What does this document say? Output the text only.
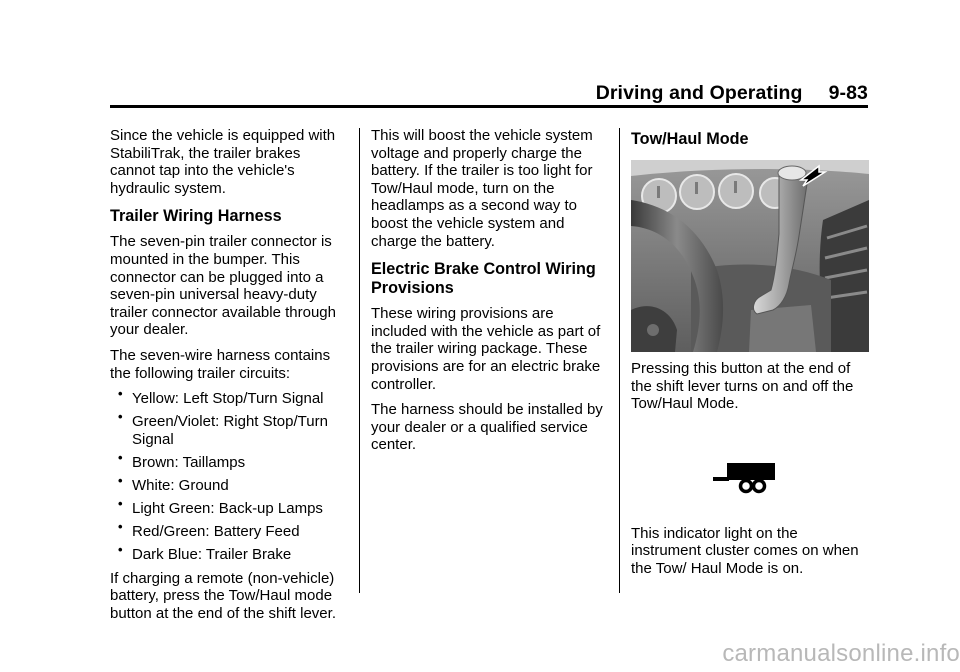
Driving and Operating 9-83

Since the vehicle is equipped with StabiliTrak, the trailer brakes cannot tap into the vehicle's hydraulic system.

Trailer Wiring Harness

The seven-pin trailer connector is mounted in the bumper. This connector can be plugged into a seven-pin universal heavy-duty trailer connector available through your dealer.

The seven-wire harness contains the following trailer circuits:

• Yellow: Left Stop/Turn Signal
• Green/Violet: Right Stop/Turn Signal
• Brown: Taillamps
• White: Ground
• Light Green: Back-up Lamps
• Red/Green: Battery Feed
• Dark Blue: Trailer Brake

If charging a remote (non-vehicle) battery, press the Tow/Haul mode button at the end of the shift lever.

This will boost the vehicle system voltage and properly charge the battery. If the trailer is too light for Tow/Haul mode, turn on the headlamps as a second way to boost the vehicle system and charge the battery.

Electric Brake Control Wiring Provisions

These wiring provisions are included with the vehicle as part of the trailer wiring package. These provisions are for an electric brake controller.

The harness should be installed by your dealer or a qualified service center.

Tow/Haul Mode

Pressing this button at the end of the shift lever turns on and off the Tow/Haul Mode.

This indicator light on the instrument cluster comes on when the Tow/ Haul Mode is on.

carmanualsonline.info
